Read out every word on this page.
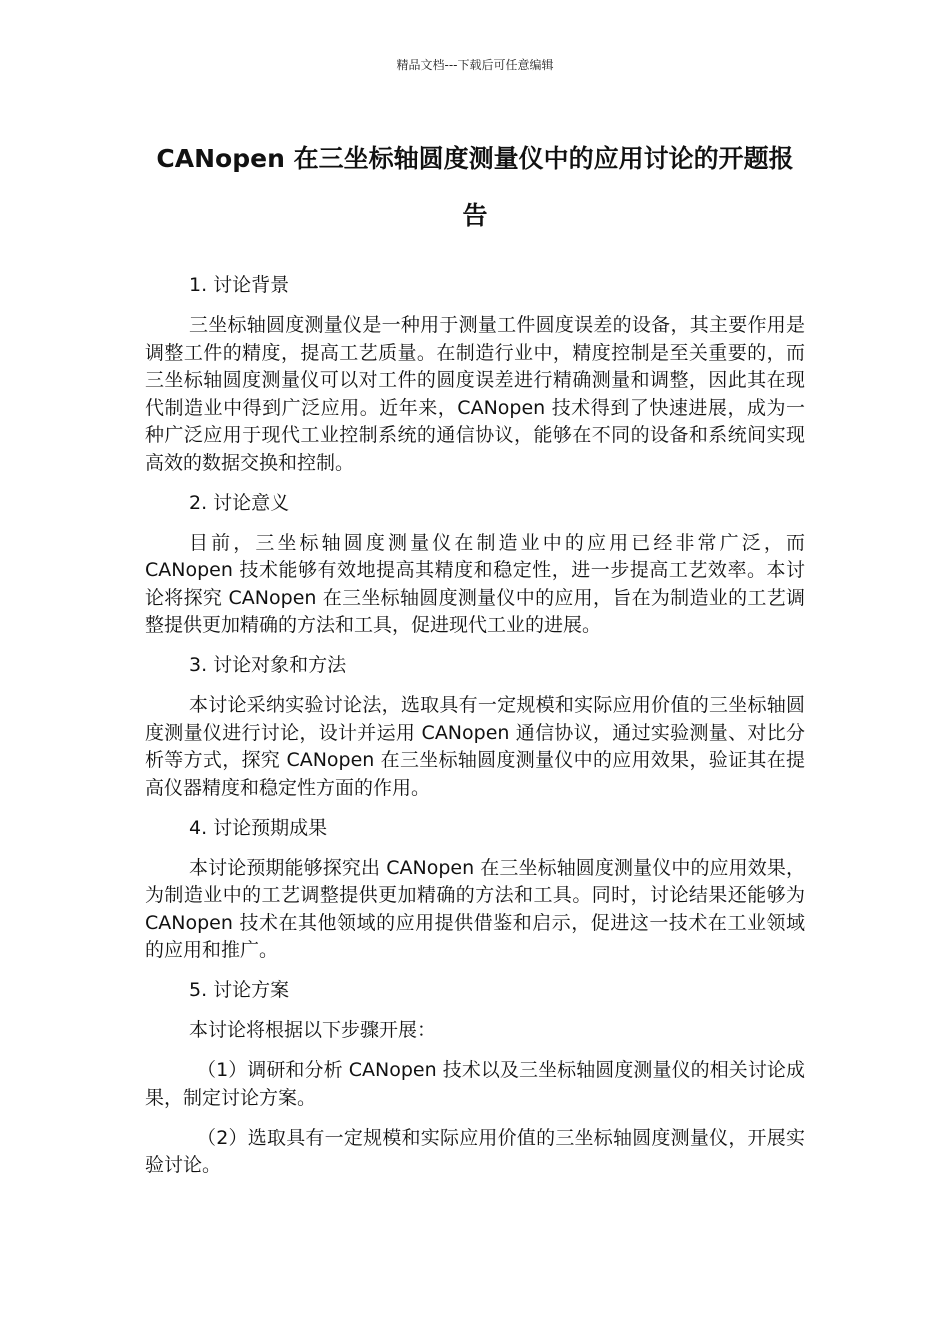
精品文档---下载后可任意编辑
CANopen 在三坐标轴圆度测量仪中的应用讨论的开题报告

1. 讨论背景

三坐标轴圆度测量仪是一种用于测量工件圆度误差的设备，其主要作用是调整工件的精度，提高工艺质量。在制造行业中，精度控制是至关重要的，而三坐标轴圆度测量仪可以对工件的圆度误差进行精确测量和调整，因此其在现代制造业中得到广泛应用。近年来，CANopen 技术得到了快速进展，成为一种广泛应用于现代工业控制系统的通信协议，能够在不同的设备和系统间实现高效的数据交换和控制。

2. 讨论意义

目前，三坐标轴圆度测量仪在制造业中的应用已经非常广泛，而 CANopen 技术能够有效地提高其精度和稳定性，进一步提高工艺效率。本讨论将探究 CANopen 在三坐标轴圆度测量仪中的应用，旨在为制造业的工艺调整提供更加精确的方法和工具，促进现代工业的进展。

3. 讨论对象和方法

本讨论采纳实验讨论法，选取具有一定规模和实际应用价值的三坐标轴圆度测量仪进行讨论，设计并运用 CANopen 通信协议，通过实验测量、对比分析等方式，探究 CANopen 在三坐标轴圆度测量仪中的应用效果，验证其在提高仪器精度和稳定性方面的作用。

4. 讨论预期成果

本讨论预期能够探究出 CANopen 在三坐标轴圆度测量仪中的应用效果，为制造业中的工艺调整提供更加精确的方法和工具。同时，讨论结果还能够为 CANopen 技术在其他领域的应用提供借鉴和启示，促进这一技术在工业领域的应用和推广。

5. 讨论方案

本讨论将根据以下步骤开展：

（1）调研和分析 CANopen 技术以及三坐标轴圆度测量仪的相关讨论成果，制定讨论方案。

（2）选取具有一定规模和实际应用价值的三坐标轴圆度测量仪，开展实验讨论。
